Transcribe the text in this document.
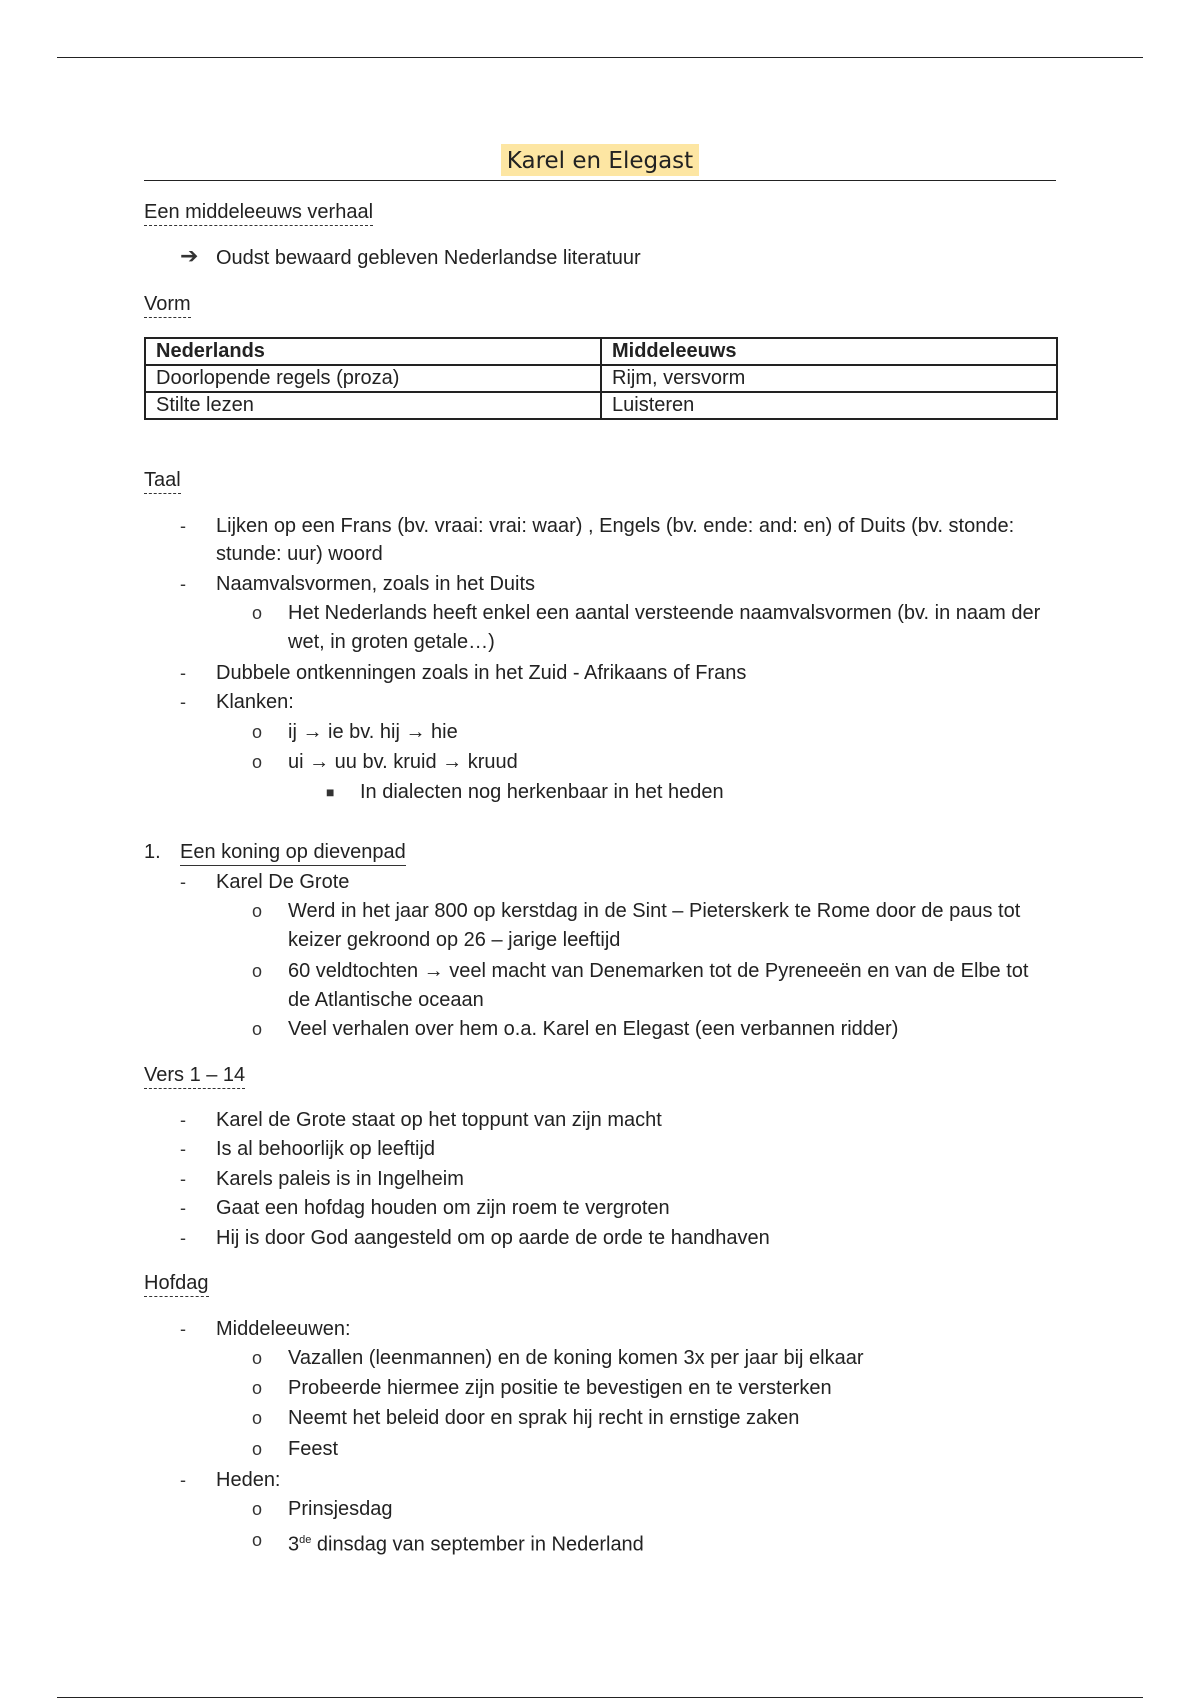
Karel en Elegast
Een middeleeuws verhaal
➔ Oudst bewaard gebleven Nederlandse literatuur
Vorm
Nederlands	Middeleeuws
Doorlopende regels (proza)	Rijm, versvorm
Stilte lezen	Luisteren
Taal
- Lijken op een Frans (bv. vraai: vrai: waar) , Engels (bv. ende: and: en) of Duits (bv. stonde:
stunde: uur) woord
- Naamvalsvormen, zoals in het Duits
o Het Nederlands heeft enkel een aantal versteende naamvalsvormen (bv. in naam der
wet, in groten getale…)
- Dubbele ontkenningen zoals in het Zuid - Afrikaans of Frans
- Klanken:
o ij → ie bv. hij → hie
o ui → uu bv. kruid → kruud
■ In dialecten nog herkenbaar in het heden
1. Een koning op dievenpad
- Karel De Grote
o Werd in het jaar 800 op kerstdag in de Sint – Pieterskerk te Rome door de paus tot
keizer gekroond op 26 – jarige leeftijd
o 60 veldtochten → veel macht van Denemarken tot de Pyreneeën en van de Elbe tot
de Atlantische oceaan
o Veel verhalen over hem o.a. Karel en Elegast (een verbannen ridder)
Vers 1 – 14
- Karel de Grote staat op het toppunt van zijn macht
- Is al behoorlijk op leeftijd
- Karels paleis is in Ingelheim
- Gaat een hofdag houden om zijn roem te vergroten
- Hij is door God aangesteld om op aarde de orde te handhaven
Hofdag
- Middeleeuwen:
o Vazallen (leenmannen) en de koning komen 3x per jaar bij elkaar
o Probeerde hiermee zijn positie te bevestigen en te versterken
o Neemt het beleid door en sprak hij recht in ernstige zaken
o Feest
- Heden:
o Prinsjesdag
o 3de dinsdag van september in Nederland
